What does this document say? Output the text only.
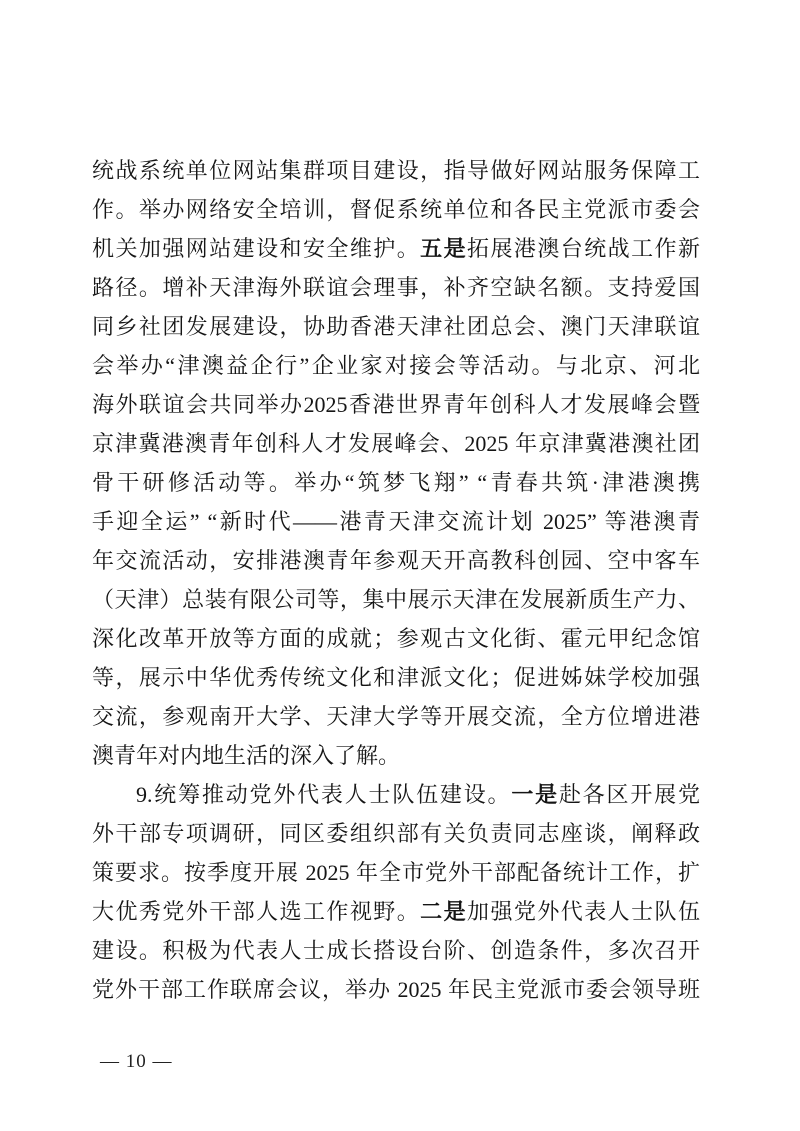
统战系统单位网站集群项目建设，指导做好网站服务保障工
作。举办网络安全培训，督促系统单位和各民主党派市委会
机关加强网站建设和安全维护。五是拓展港澳台统战工作新
路径。增补天津海外联谊会理事，补齐空缺名额。支持爱国
同乡社团发展建设，协助香港天津社团总会、澳门天津联谊
会举办“津澳益企行”企业家对接会等活动。与北京、河北
海外联谊会共同举办2025香港世界青年创科人才发展峰会暨
京津冀港澳青年创科人才发展峰会、2025 年京津冀港澳社团
骨干研修活动等。举办“筑梦飞翔” “青春共筑·津港澳携
手迎全运” “新时代——港青天津交流计划 2025” 等港澳青
年交流活动，安排港澳青年参观天开高教科创园、空中客车
（天津）总装有限公司等，集中展示天津在发展新质生产力、
深化改革开放等方面的成就；参观古文化街、霍元甲纪念馆
等，展示中华优秀传统文化和津派文化；促进姊妹学校加强
交流，参观南开大学、天津大学等开展交流，全方位增进港
澳青年对内地生活的深入了解。
9.统筹推动党外代表人士队伍建设。一是赴各区开展党
外干部专项调研，同区委组织部有关负责同志座谈，阐释政
策要求。按季度开展 2025 年全市党外干部配备统计工作，扩
大优秀党外干部人选工作视野。二是加强党外代表人士队伍
建设。积极为代表人士成长搭设台阶、创造条件，多次召开
党外干部工作联席会议，举办 2025 年民主党派市委会领导班
— 10 —
